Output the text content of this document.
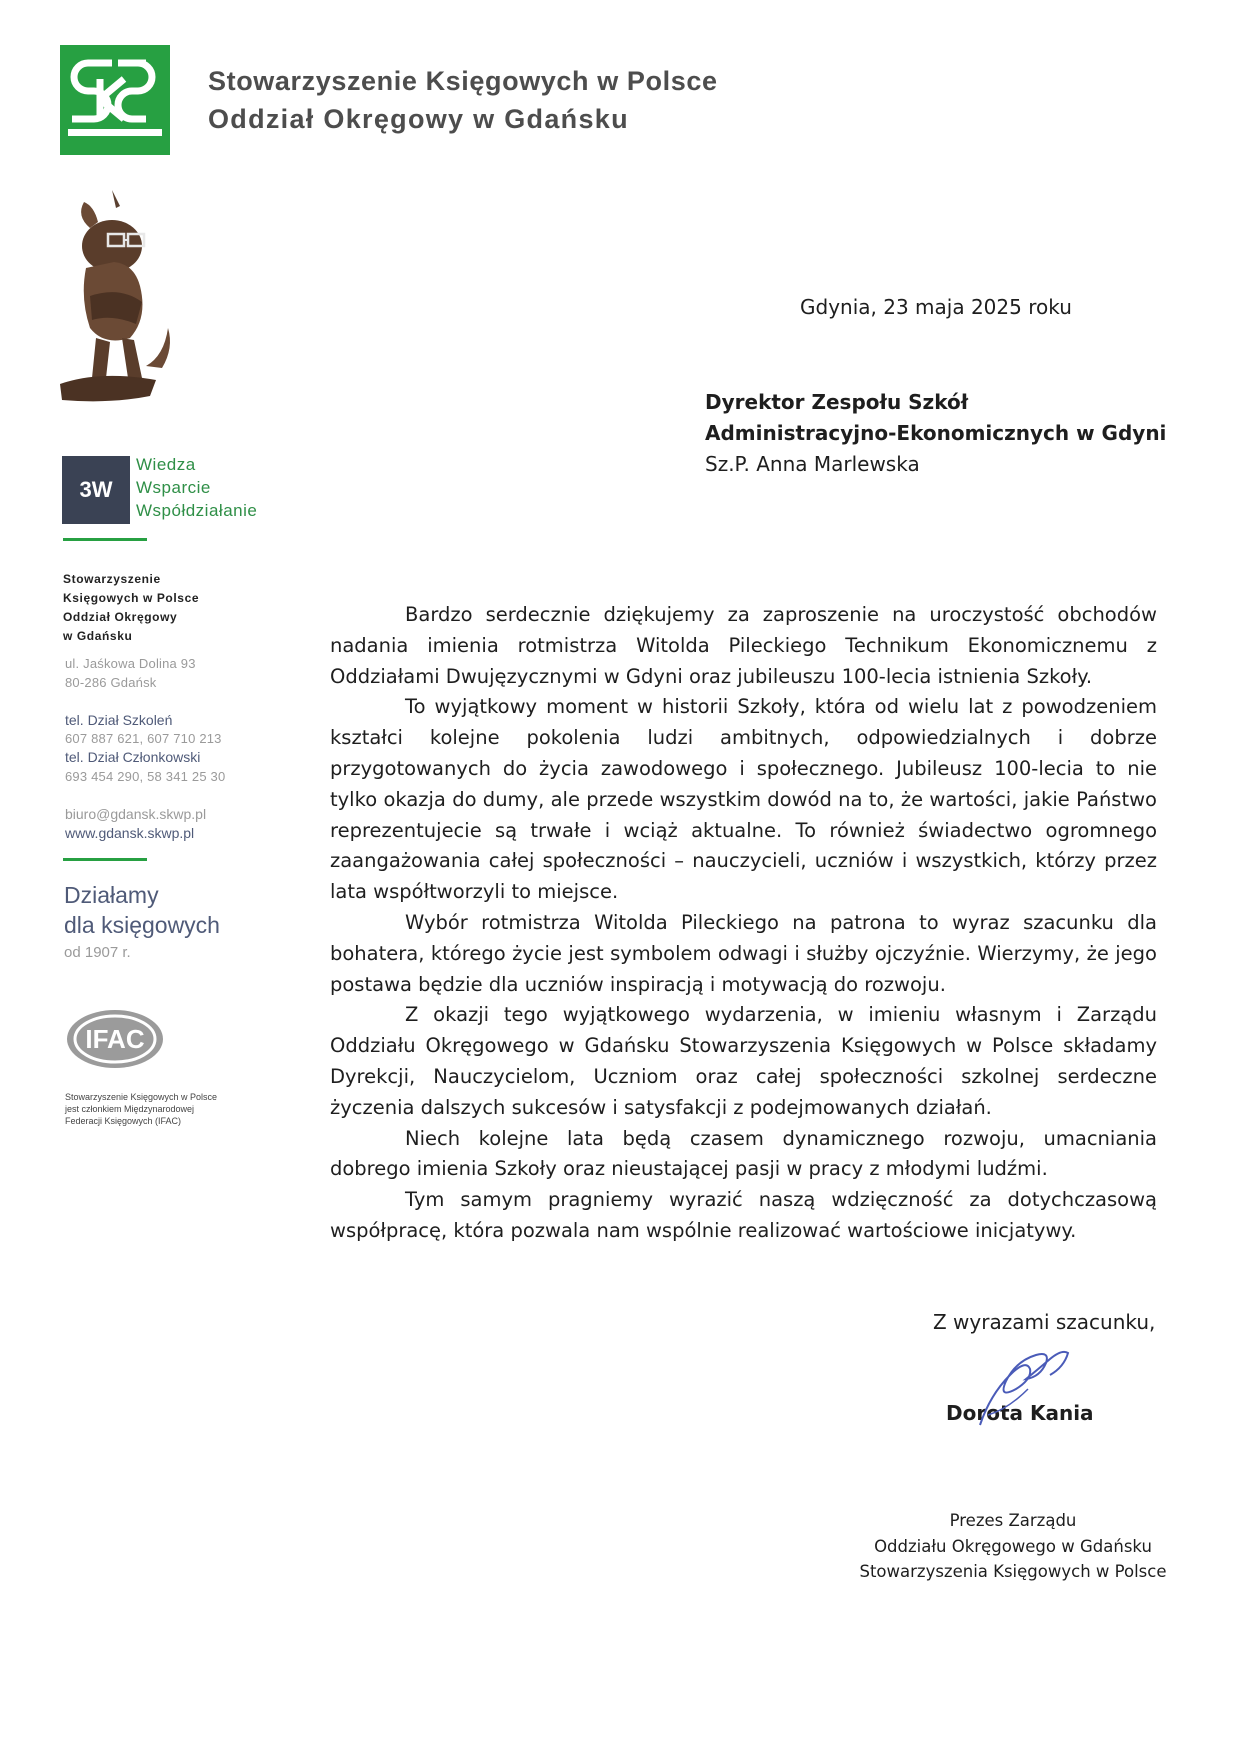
Stowarzyszenie Księgowych w Polsce
Oddział Okręgowy w Gdańsku
3W
Wiedza
Wsparcie
Współdziałanie
Stowarzyszenie
Księgowych w Polsce
Oddział Okręgowy
w Gdańsku
ul. Jaśkowa Dolina 93
80-286 Gdańsk
tel. Dział Szkoleń
607 887 621, 607 710 213
tel. Dział Członkowski
693 454 290, 58 341 25 30
biuro@gdansk.skwp.pl
www.gdansk.skwp.pl
Działamy
dla księgowych
od 1907 r.
IFAC
Stowarzyszenie Księgowych w Polsce
jest członkiem Międzynarodowej
Federacji Księgowych (IFAC)
Gdynia, 23 maja 2025 roku
Dyrektor Zespołu Szkół
Administracyjno-Ekonomicznych w Gdyni
Sz.P. Anna Marlewska

Bardzo serdecznie dziękujemy za zaproszenie na uroczystość obchodów nadania imienia rotmistrza Witolda Pileckiego Technikum Ekonomicznemu z Oddziałami Dwujęzycznymi w Gdyni oraz jubileuszu 100-lecia istnienia Szkoły.

To wyjątkowy moment w historii Szkoły, która od wielu lat z powodzeniem kształci kolejne pokolenia ludzi ambitnych, odpowiedzialnych i dobrze przygotowanych do życia zawodowego i społecznego. Jubileusz 100-lecia to nie tylko okazja do dumy, ale przede wszystkim dowód na to, że wartości, jakie Państwo reprezentujecie są trwałe i wciąż aktualne. To również świadectwo ogromnego zaangażowania całej społeczności – nauczycieli, uczniów i wszystkich, którzy przez lata współtworzyli to miejsce.

Wybór rotmistrza Witolda Pileckiego na patrona to wyraz szacunku dla bohatera, którego życie jest symbolem odwagi i służby ojczyźnie. Wierzymy, że jego postawa będzie dla uczniów inspiracją i motywacją do rozwoju.

Z okazji tego wyjątkowego wydarzenia, w imieniu własnym i Zarządu Oddziału Okręgowego w Gdańsku Stowarzyszenia Księgowych w Polsce składamy Dyrekcji, Nauczycielom, Uczniom oraz całej społeczności szkolnej serdeczne życzenia dalszych sukcesów i satysfakcji z podejmowanych działań.

Niech kolejne lata będą czasem dynamicznego rozwoju, umacniania dobrego imienia Szkoły oraz nieustającej pasji w pracy z młodymi ludźmi.

Tym samym pragniemy wyrazić naszą wdzięczność za dotychczasową współpracę, która pozwala nam wspólnie realizować wartościowe inicjatywy.

Z wyrazami szacunku,
Dorota Kania
Prezes Zarządu
Oddziału Okręgowego w Gdańsku
Stowarzyszenia Księgowych w Polsce
